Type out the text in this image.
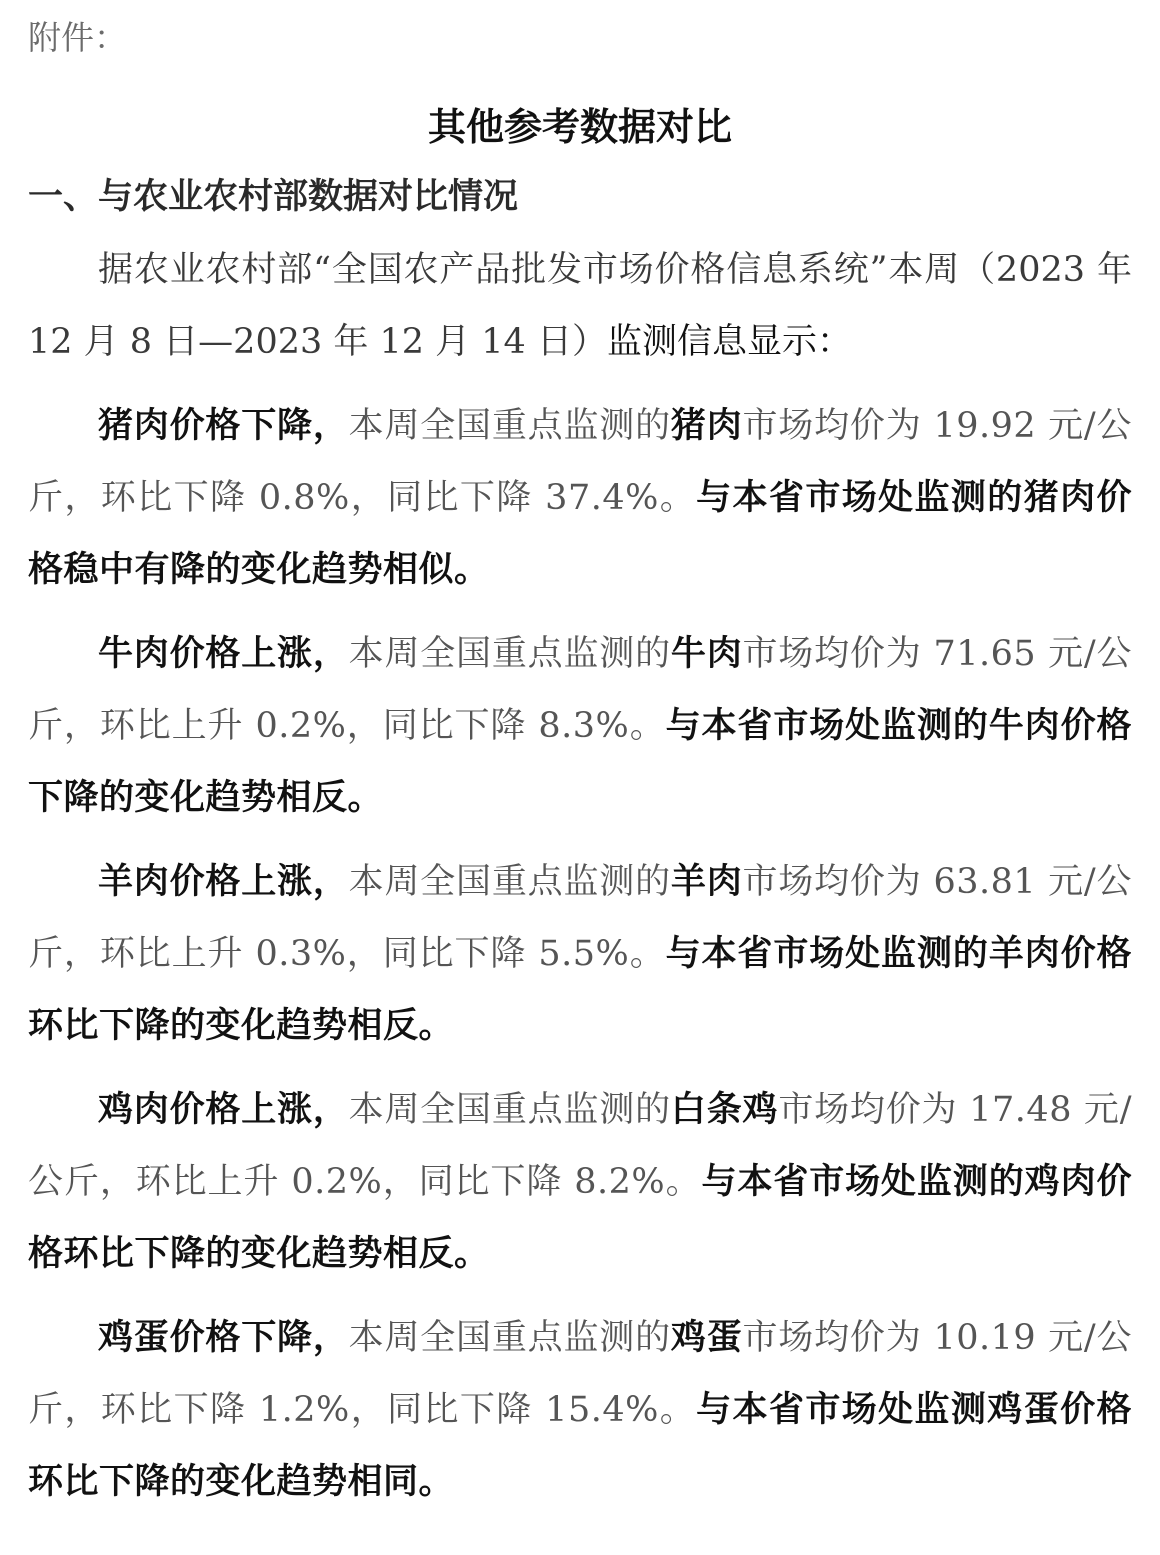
附件：
其他参考数据对比
一、与农业农村部数据对比情况

据农业农村部“全国农产品批发市场价格信息系统”本周（2023 年 12 月 8 日—2023 年 12 月 14 日）监测信息显示：

猪肉价格下降，本周全国重点监测的猪肉市场均价为 19.92 元/公斤，环比下降 0.8%，同比下降 37.4%。与本省市场处监测的猪肉价格稳中有降的变化趋势相似。

牛肉价格上涨，本周全国重点监测的牛肉市场均价为 71.65 元/公斤，环比上升 0.2%，同比下降 8.3%。与本省市场处监测的牛肉价格下降的变化趋势相反。

羊肉价格上涨，本周全国重点监测的羊肉市场均价为 63.81 元/公斤，环比上升 0.3%，同比下降 5.5%。与本省市场处监测的羊肉价格环比下降的变化趋势相反。

鸡肉价格上涨，本周全国重点监测的白条鸡市场均价为 17.48 元/公斤，环比上升 0.2%，同比下降 8.2%。与本省市场处监测的鸡肉价格环比下降的变化趋势相反。

鸡蛋价格下降，本周全国重点监测的鸡蛋市场均价为 10.19 元/公斤，环比下降 1.2%，同比下降 15.4%。与本省市场处监测鸡蛋价格环比下降的变化趋势相同。
